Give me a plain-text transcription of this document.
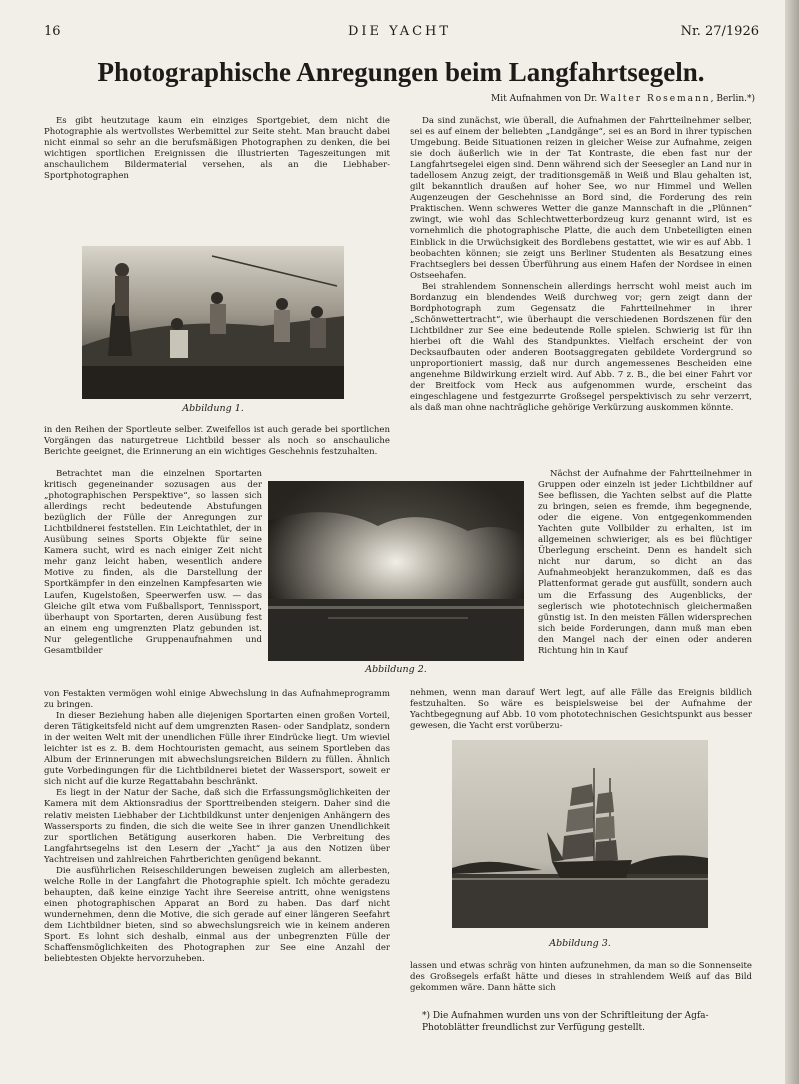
16	DIE YACHT	Nr. 27/1926
Photographische Anregungen beim Langfahrtsegeln.
Mit Aufnahmen von Dr. Walter Rosemann, Berlin.*)

Es gibt heutzutage kaum ein einziges Sportgebiet, dem nicht die Photographie als wertvollstes Werbemittel zur Seite steht. Man braucht dabei nicht einmal so sehr an die berufsmäßigen Photographen zu denken, die bei wichtigen sportlichen Ereignissen die illustrierten Tageszeitungen mit anschaulichem Bildermaterial versehen, als an die Liebhaber-Sportphotographen

Abbildung 1.

in den Reihen der Sportleute selber. Zweifellos ist auch gerade bei sportlichen Vorgängen das naturgetreue Lichtbild besser als noch so anschauliche Berichte geeignet, die Erinnerung an ein wichtiges Geschehnis festzuhalten.

Betrachtet man die einzelnen Sportarten kritisch gegeneinander sozusagen aus der „photographischen Perspektive“, so lassen sich allerdings recht bedeutende Abstufungen bezüglich der Fülle der Anregungen zur Lichtbildnerei feststellen. Ein Leichtathlet, der in Ausübung seines Sports Objekte für seine Kamera sucht, wird es nach einiger Zeit nicht mehr ganz leicht haben, wesentlich andere Motive zu finden, als die Darstellung der Sportkämpfer in den einzelnen Kampfesarten wie Laufen, Kugelstoßen, Speerwerfen usw. — das Gleiche gilt etwa vom Fußballsport, Tennissport, überhaupt von Sportarten, deren Ausübung fest an einem eng umgrenzten Platz gebunden ist. Nur gelegentliche Gruppenaufnahmen und Gesamtbilder

Abbildung 2.

von Festakten vermögen wohl einige Abwechslung in das Aufnahmeprogramm zu bringen.

In dieser Beziehung haben alle diejenigen Sportarten einen großen Vorteil, deren Tätigkeitsfeld nicht auf dem umgrenzten Rasen- oder Sandplatz, sondern in der weiten Welt mit der unendlichen Fülle ihrer Eindrücke liegt. Um wieviel leichter ist es z. B. dem Hochtouristen gemacht, aus seinem Sportleben das Album der Erinnerungen mit abwechslungsreichen Bildern zu füllen. Ähnlich gute Vorbedingungen für die Lichtbildnerei bietet der Wassersport, soweit er sich nicht auf die kurze Regattabahn beschränkt.

Es liegt in der Natur der Sache, daß sich die Erfassungsmöglichkeiten der Kamera mit dem Aktionsradius der Sporttreibenden steigern. Daher sind die relativ meisten Liebhaber der Lichtbildkunst unter denjenigen Anhängern des Wassersports zu finden, die sich die weite See in ihrer ganzen Unendlichkeit zur sportlichen Betätigung auserkoren haben. Die Verbreitung des Langfahrtsegelns ist den Lesern der „Yacht“ ja aus den Notizen über Yachtreisen und zahlreichen Fahrtberichten genügend bekannt.

Die ausführlichen Reiseschilderungen beweisen zugleich am allerbesten, welche Rolle in der Langfahrt die Photographie spielt. Ich möchte geradezu behaupten, daß keine einzige Yacht ihre Seereise antritt, ohne wenigstens einen photographischen Apparat an Bord zu haben. Das darf nicht wundernehmen, denn die Motive, die sich gerade auf einer längeren Seefahrt dem Lichtbildner bieten, sind so abwechslungsreich wie in keinem anderen Sport. Es lohnt sich deshalb, einmal aus der unbegrenzten Fülle der Schaffensmöglichkeiten des Photographen zur See eine Anzahl der beliebtesten Objekte hervorzuheben.

Da sind zunächst, wie überall, die Aufnahmen der Fahrtteilnehmer selber, sei es auf einem der beliebten „Landgänge“, sei es an Bord in ihrer typischen Umgebung. Beide Situationen reizen in gleicher Weise zur Aufnahme, zeigen sie doch äußerlich wie in der Tat Kontraste, die eben fast nur der Langfahrtsegelei eigen sind. Denn während sich der Seesegler an Land nur in tadellosem Anzug zeigt, der traditionsgemäß in Weiß und Blau gehalten ist, gilt bekanntlich draußen auf hoher See, wo nur Himmel und Wellen Augenzeugen der Geschehnisse an Bord sind, die Forderung des rein Praktischen. Wenn schweres Wetter die ganze Mannschaft in die „Plünnen“ zwingt, wie wohl das Schlechtwetterbordzeug kurz genannt wird, ist es vornehmlich die photographische Platte, die auch dem Unbeteiligten einen Einblick in die Urwüchsigkeit des Bordlebens gestattet, wie wir es auf Abb. 1 beobachten können; sie zeigt uns Berliner Studenten als Besatzung eines Frachtseglers bei dessen Überführung aus einem Hafen der Nordsee in einen Ostseehafen.

Bei strahlendem Sonnenschein allerdings herrscht wohl meist auch im Bordanzug ein blendendes Weiß durchweg vor; gern zeigt dann der Bordphotograph zum Gegensatz die Fahrtteilnehmer in ihrer „Schönwettertracht“, wie überhaupt die verschiedenen Bordszenen für den Lichtbildner zur See eine bedeutende Rolle spielen. Schwierig ist für ihn hierbei oft die Wahl des Standpunktes. Vielfach erscheint der von Decksaufbauten oder anderen Bootsaggregaten gebildete Vordergrund so unproportioniert massig, daß nur durch angemessenes Bescheiden eine angenehme Bildwirkung erzielt wird. Auf Abb. 7 z. B., die bei einer Fahrt vor der Breitfock vom Heck aus aufgenommen wurde, erscheint das eingeschlagene und festgezurrte Großsegel perspektivisch zu sehr verzerrt, als daß man ohne nachträgliche gehörige Verkürzung auskommen könnte.

Nächst der Aufnahme der Fahrtteilnehmer in Gruppen oder einzeln ist jeder Lichtbildner auf See beflissen, die Yachten selbst auf die Platte zu bringen, seien es fremde, ihm begegnende, oder die eigene. Von entgegenkommenden Yachten gute Vollbilder zu erhalten, ist im allgemeinen schwieriger, als es bei flüchtiger Überlegung erscheint. Denn es handelt sich nicht nur darum, so dicht an das Aufnahmeobjekt heranzukommen, daß es das Plattenformat gerade gut ausfüllt, sondern auch um die Erfassung des Augenblicks, der seglerisch wie phototechnisch gleichermaßen günstig ist. In den meisten Fällen widersprechen sich beide Forderungen, dann muß man eben den Mangel nach der einen oder anderen Richtung hin in Kauf

nehmen, wenn man darauf Wert legt, auf alle Fälle das Ereignis bildlich festzuhalten. So wäre es beispielsweise bei der Aufnahme der Yachtbegegnung auf Abb. 10 vom phototechnischen Gesichtspunkt aus besser gewesen, die Yacht erst vorüberzu-

Abbildung 3.

lassen und etwas schräg von hinten aufzunehmen, da man so die Sonnenseite des Großsegels erfaßt hätte und dieses in strahlendem Weiß auf das Bild gekommen wäre. Dann hätte sich

*) Die Aufnahmen wurden uns von der Schriftleitung der Agfa-Photoblätter freundlichst zur Verfügung gestellt.
